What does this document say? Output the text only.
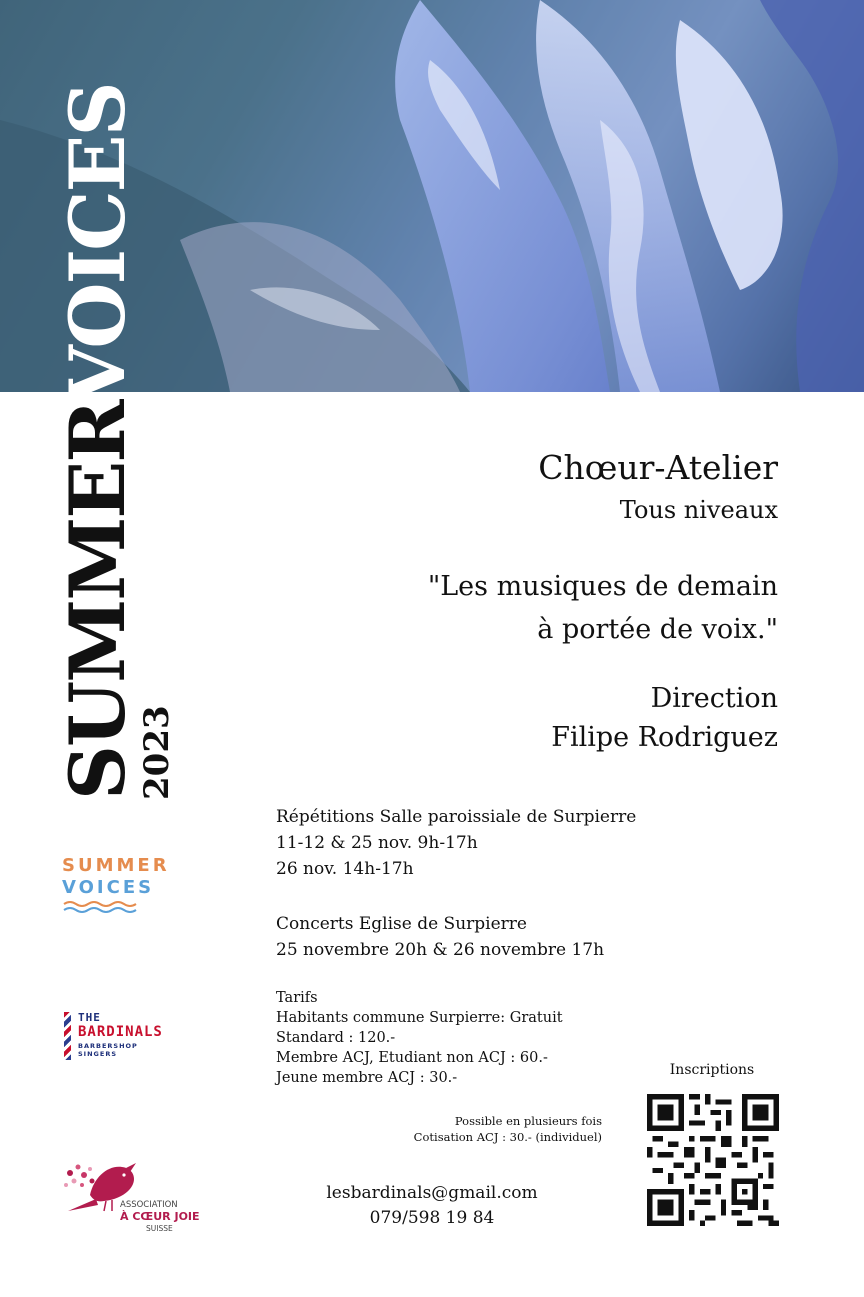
SUMMERVOICES
2023
Chœur-Atelier
Tous niveaux
"Les musiques de demain
à portée de voix."
Direction
Filipe Rodriguez
Répétitions Salle paroissiale de Surpierre
11-12 & 25 nov. 9h-17h
26 nov. 14h-17h
Concerts Eglise de Surpierre
25 novembre 20h & 26 novembre 17h
Tarifs
Habitants commune Surpierre: Gratuit
Standard : 120.-
Membre ACJ, Etudiant non ACJ : 60.-
Jeune membre ACJ : 30.-
Possible en plusieurs fois
Cotisation ACJ : 30.- (individuel)
lesbardinals@gmail.com
079/598 19 84
Inscriptions
SUMMER
VOICES
THE
BARDINALS
BARBERSHOP
SINGERS
ASSOCIATION
À CŒUR JOIE
SUISSE
